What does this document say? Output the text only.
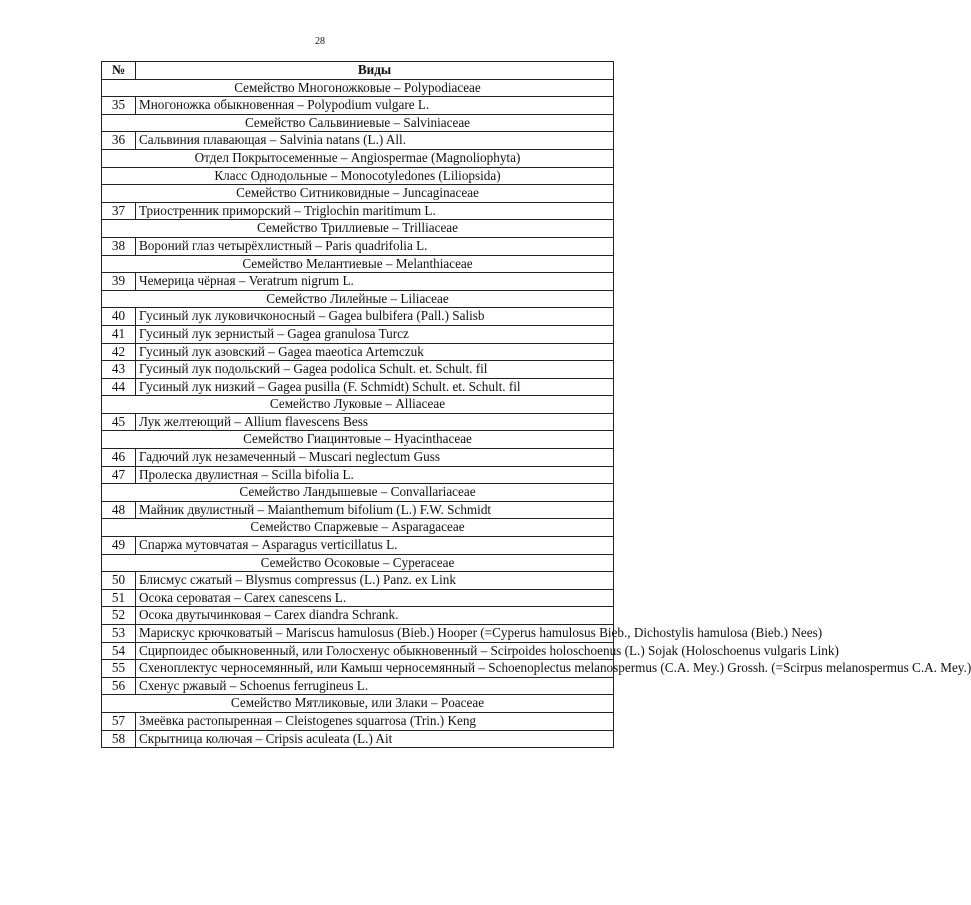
28
№	Виды
Семейство Многоножковые – Polypodiaceae	
35	Многоножка обыкновенная – Polypodium vulgare L.
Семейство Сальвиниевые – Salviniaceae	
36	Сальвиния плавающая – Salvinia natans (L.) All.
Отдел Покрытосеменные – Angiospermae (Magnoliophyta)	
Класс Однодольные – Monocotyledones (Liliopsida)	
Семейство Ситниковидные – Juncaginaceae	
37	Триостренник приморский – Triglochin maritimum L.
Семейство Триллиевые – Trilliaceae	
38	Вороний глаз четырёхлистный – Paris quadrifolia L.
Семейство Мелантиевые – Melanthiaceae	
39	Чемерица чёрная – Veratrum nigrum L.
Семейство Лилейные – Liliaceae	
40	Гусиный лук луковичконосный – Gagea bulbifera (Pall.) Salisb
41	Гусиный лук зернистый – Gagea granulosa Turcz
42	Гусиный лук азовский – Gagea maeotica Artemczuk
43	Гусиный лук подольский – Gagea podolica Schult. et. Schult. fil
44	Гусиный лук низкий – Gagea pusilla (F. Schmidt) Schult. et. Schult. fil
Семейство Луковые – Alliaceae	
45	Лук желтеющий – Allium flavescens Bess
Семейство Гиацинтовые – Hyacinthaceae	
46	Гадючий лук незамеченный – Muscari neglectum Guss
47	Пролеска двулистная – Scilla bifolia L.
Семейство Ландышевые – Convallariaceae	
48	Майник двулистный – Maianthemum bifolium (L.) F.W. Schmidt
Семейство Спаржевые – Asparagaceae	
49	Спаржа мутовчатая – Asparagus verticillatus L.
Семейство Осоковые – Cyperaceae	
50	Блисмус сжатый – Blysmus compressus (L.) Panz. ex Link
51	Осока сероватая – Carex canescens L.
52	Осока двутычинковая – Carex diandra Schrank.
53	Марискус крючковатый – Mariscus hamulosus (Bieb.) Hooper (=Cyperus hamulosus Bieb., Dichostylis hamulosa (Bieb.) Nees)
54	Сцирпоидес обыкновенный, или Голосхенус обыкновенный – Scirpoides holoschoenus (L.) Sojak (Holoschoenus vulgaris Link)
55	Схеноплектус черносемянный, или Камыш черносемянный – Schoenoplectus melanospermus (C.A. Mey.) Grossh. (=Scirpus melanospermus C.A. Mey.)
56	Схенус ржавый – Schoenus ferrugineus L.
Семейство Мятликовые, или Злаки – Poaceae	
57	Змеёвка растопыренная – Cleistogenes squarrosa (Trin.) Keng
58	Скрытница колючая – Cripsis aculeata (L.) Ait
